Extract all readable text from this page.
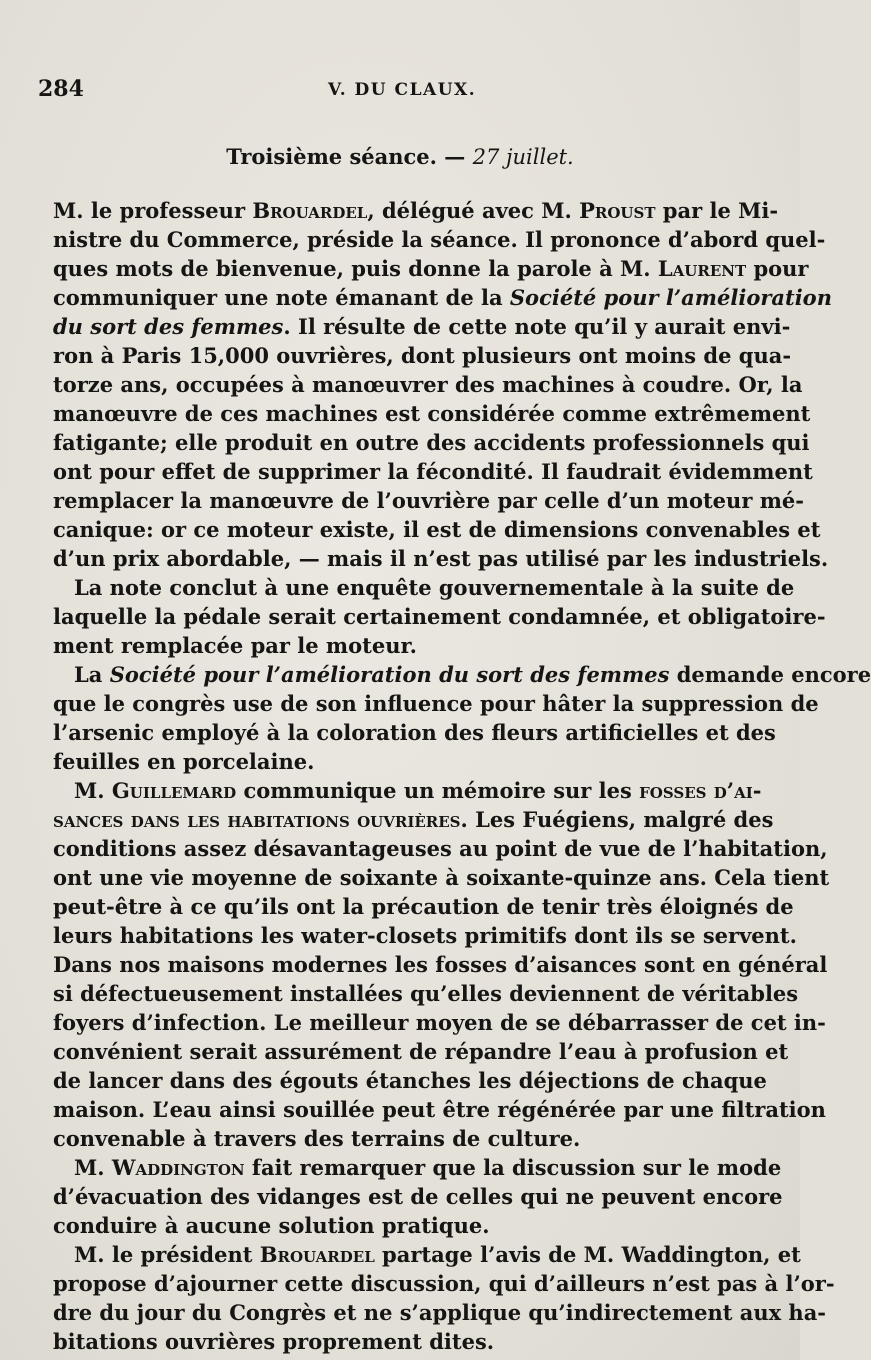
284	V. DU CLAUX.
Troisième séance. — 27 juillet.
M. le professeur Brouardel, délégué avec M. Proust par le Mi-
nistre du Commerce, préside la séance. Il prononce d’abord quel-
ques mots de bienvenue, puis donne la parole à M. Laurent pour
communiquer une note émanant de la Société pour l’amélioration
du sort des femmes. Il résulte de cette note qu’il y aurait envi-
ron à Paris 15,000 ouvrières, dont plusieurs ont moins de qua-
torze ans, occupées à manœuvrer des machines à coudre. Or, la
manœuvre de ces machines est considérée comme extrêmement
fatigante; elle produit en outre des accidents professionnels qui
ont pour effet de supprimer la fécondité. Il faudrait évidemment
remplacer la manœuvre de l’ouvrière par celle d’un moteur mé-
canique: or ce moteur existe, il est de dimensions convenables et
d’un prix abordable, — mais il n’est pas utilisé par les industriels.
La note conclut à une enquête gouvernementale à la suite de
laquelle la pédale serait certainement condamnée, et obligatoire-
ment remplacée par le moteur.
La Société pour l’amélioration du sort des femmes demande encore
que le congrès use de son influence pour hâter la suppression de
l’arsenic employé à la coloration des fleurs artificielles et des
feuilles en porcelaine.
M. Guillemard communique un mémoire sur les fosses d’ai-
sances dans les habitations ouvrières. Les Fuégiens, malgré des
conditions assez désavantageuses au point de vue de l’habitation,
ont une vie moyenne de soixante à soixante-quinze ans. Cela tient
peut-être à ce qu’ils ont la précaution de tenir très éloignés de
leurs habitations les water-closets primitifs dont ils se servent.
Dans nos maisons modernes les fosses d’aisances sont en général
si défectueusement installées qu’elles deviennent de véritables
foyers d’infection. Le meilleur moyen de se débarrasser de cet in-
convénient serait assurément de répandre l’eau à profusion et
de lancer dans des égouts étanches les déjections de chaque
maison. L’eau ainsi souillée peut être régénérée par une filtration
convenable à travers des terrains de culture.
M. Waddington fait remarquer que la discussion sur le mode
d’évacuation des vidanges est de celles qui ne peuvent encore
conduire à aucune solution pratique.
M. le président Brouardel partage l’avis de M. Waddington, et
propose d’ajourner cette discussion, qui d’ailleurs n’est pas à l’or-
dre du jour du Congrès et ne s’applique qu’indirectement aux ha-
bitations ouvrières proprement dites.
